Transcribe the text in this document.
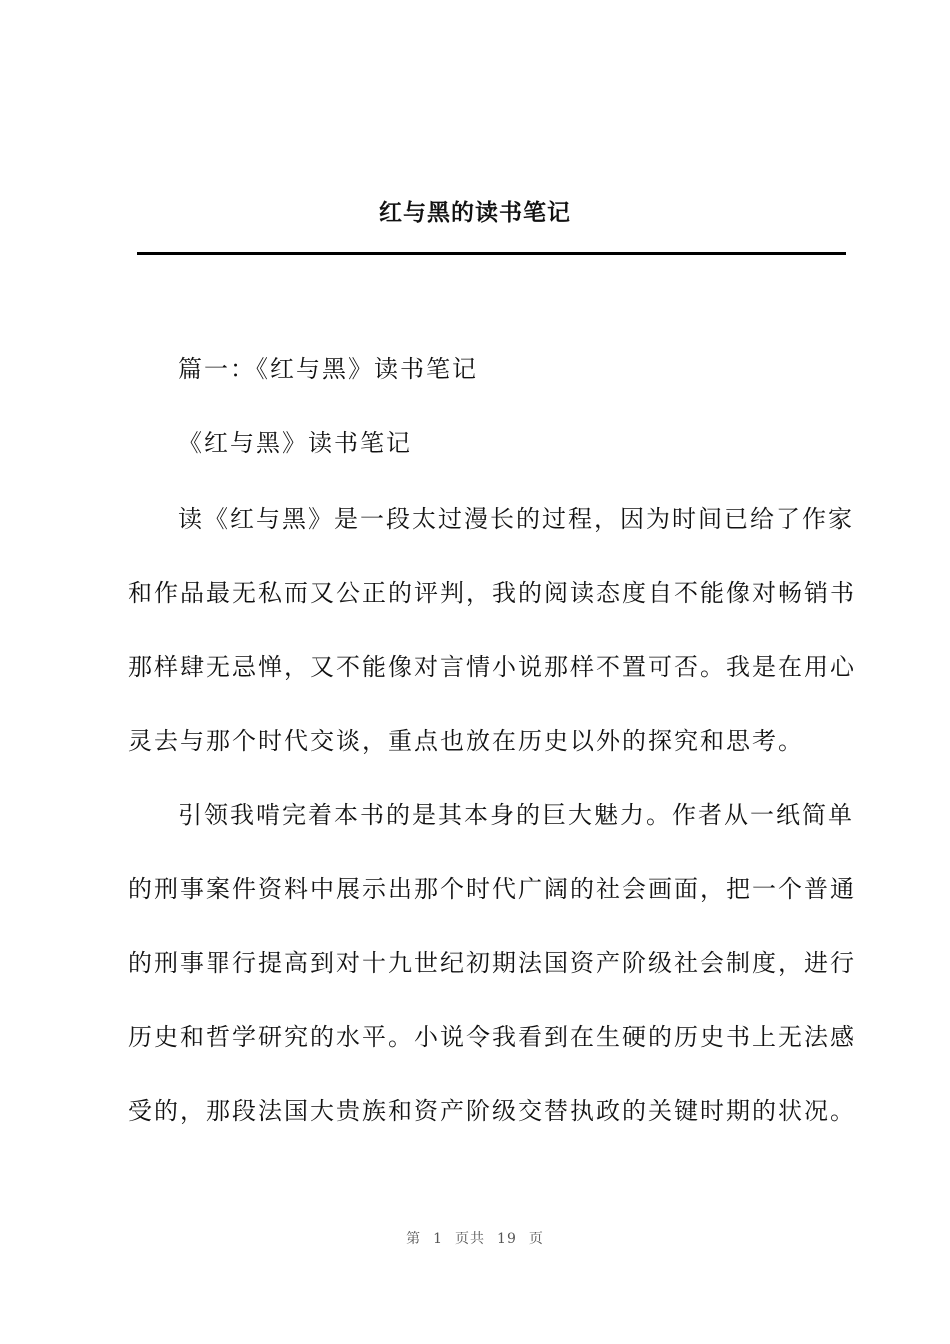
红与黑的读书笔记
篇一：《红与黑》读书笔记
《红与黑》读书笔记
读《红与黑》是一段太过漫长的过程，因为时间已给了作家
和作品最无私而又公正的评判，我的阅读态度自不能像对畅销书
那样肆无忌惮，又不能像对言情小说那样不置可否。我是在用心
灵去与那个时代交谈，重点也放在历史以外的探究和思考。
引领我啃完着本书的是其本身的巨大魅力。作者从一纸简单
的刑事案件资料中展示出那个时代广阔的社会画面，把一个普通
的刑事罪行提高到对十九世纪初期法国资产阶级社会制度，进行
历史和哲学研究的水平。小说令我看到在生硬的历史书上无法感
受的，那段法国大贵族和资产阶级交替执政的关键时期的状况。
第 1 页共 19 页
